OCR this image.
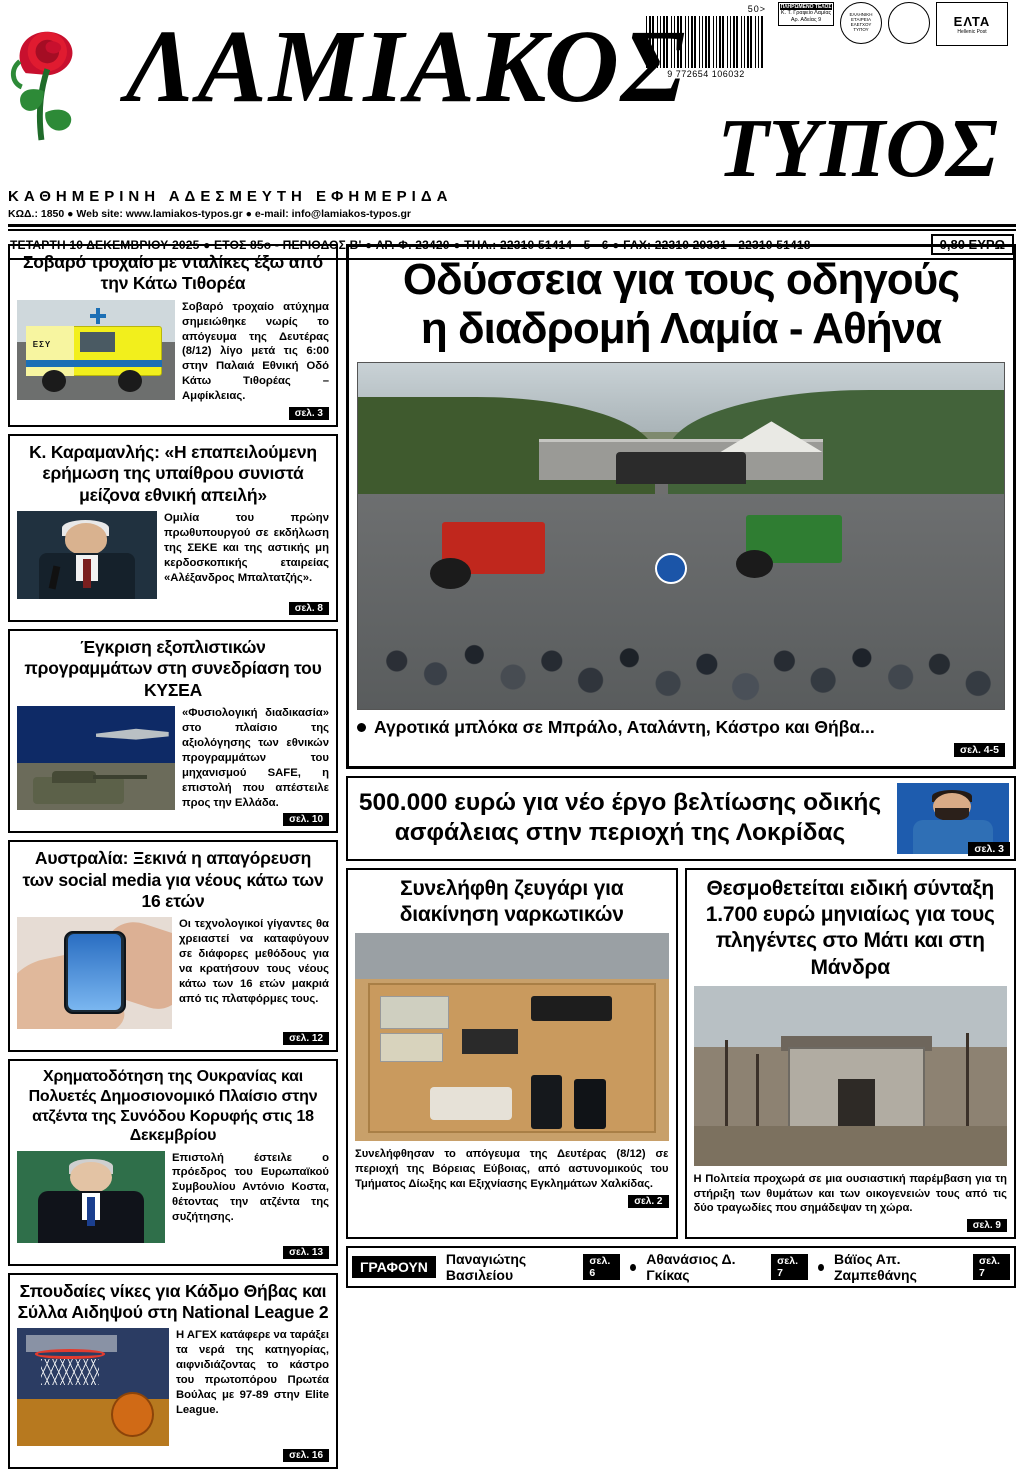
50>
9 772654 106032
ΠΛΗΡΩΜΕΝΟ ΤΕΛΟΣ
Κ. Τ. Γραφείο Λαμίας Αρ. Αδείας 9
ΕΛΛΗΝΙΚΗ ΕΤΑΙΡΕΙΑ ΕΛΕΓΧΟΥ ΤΥΠΟΥ
ΕΛΤΑ
Hellenic Post
ΛΑΜΙΑΚΟΣ
ΤΥΠΟΣ
ΚΑΘΗΜΕΡΙΝΗ ΑΔΕΣΜΕΥΤΗ ΕΦΗΜΕΡΙΔΑ
ΚΩΔ.: 1850 ● Web site: www.lamiakos-typos.gr ● e-mail: info@lamiakos-typos.gr
ΤΕΤΑΡΤΗ 10 ΔΕΚΕΜΒΡΙΟΥ 2025 ● ΕΤΟΣ 85ο - ΠΕΡΙΟΔΟΣ Β' ● ΑΡ. Φ. 23420 ● ΤΗΛ.: 22310 51414 - 5 - 6 ● FAX: 22310 29331 - 22310 51418	0,80 ΕΥΡΩ
Σοβαρό τροχαίο με νταλίκες έξω από την Κάτω Τιθορέα
ΕΣΥ

Σοβαρό τροχαίο ατύχημα σημειώθηκε νωρίς το απόγευμα της Δευτέρας (8/12) λίγο μετά τις 6:00 στην Παλαιά Εθνική Οδό Κάτω Τιθορέας –Αμφίκλειας.

σελ. 3
Κ. Καραμανλής: «Η επαπειλούμενη ερήμωση της υπαίθρου συνιστά μείζονα εθνική απειλή»

Ομιλία του πρώην πρωθυπουργού σε εκδήλωση της ΣΕΚΕ και της αστικής μη κερδοσκοπικής εταιρείας «Αλέξανδρος Μπαλτατζής».

σελ. 8
Έγκριση εξοπλιστικών προγραμμάτων στη συνεδρίαση του ΚΥΣΕΑ

«Φυσιολογική διαδικασία» στο πλαίσιο της αξιολόγησης των εθνικών προγραμμάτων του μηχανισμού SAFE, η επιστολή που απέστειλε προς την Ελλάδα.

σελ. 10
Αυστραλία: Ξεκινά η απαγόρευση των social media για νέους κάτω των 16 ετών

Οι τεχνολογικοί γίγαντες θα χρειαστεί να καταφύγουν σε διάφορες μεθόδους για να κρατήσουν τους νέους κάτω των 16 ετών μακριά από τις πλατφόρμες τους.

σελ. 12
Χρηματοδότηση της Ουκρανίας και Πολυετές Δημοσιονομικό Πλαίσιο στην ατζέντα της Συνόδου Κορυφής στις 18 Δεκεμβρίου

Επιστολή έστειλε ο πρόεδρος του Ευρωπαϊκού Συμβουλίου Αντόνιο Κοστα, θέτοντας την ατζέντα της συζήτησης.

σελ. 13
Σπουδαίες νίκες για Κάδμο Θήβας και Σύλλα Αιδηψού στη National League 2

Η ΑΓΕΧ κατάφερε να ταράξει τα νερά της κατηγορίας, αιφνιδιάζοντας το κάστρο του πρωτοπόρου Πρωτέα Βούλας με 97-89 στην Elite League.

σελ. 16
Οδύσσεια για τους οδηγούς
η διαδρομή Λαμία - Αθήνα
Αγροτικά μπλόκα σε Μπράλο, Αταλάντη, Κάστρο και Θήβα...
σελ. 4-5
500.000 ευρώ για νέο έργο βελτίωσης οδικής ασφάλειας στην περιοχή της Λοκρίδας
σελ. 3
Συνελήφθη ζευγάρι για διακίνηση ναρκωτικών

Συνελήφθησαν το απόγευμα της Δευτέρας (8/12) σε περιοχή της Βόρειας Εύβοιας, από αστυνομικούς του Τμήματος Δίωξης και Εξιχνίασης Εγκλημάτων Χαλκίδας.

σελ. 2
Θεσμοθετείται ειδική σύνταξη 1.700 ευρώ μηνιαίως για τους πληγέντες στο Μάτι και στη Μάνδρα

Η Πολιτεία προχωρά σε μια ουσιαστική παρέμβαση για τη στήριξη των θυμάτων και των οικογενειών τους από τις δύο τραγωδίες που σημάδεψαν τη χώρα.

σελ. 9
ΓΡΑΦΟΥΝ	Παναγιώτης Βασιλείου
σελ. 6
Αθανάσιος Δ. Γκίκας
σελ. 7
Βάϊος Απ. Ζαμπεθάνης
σελ. 7
